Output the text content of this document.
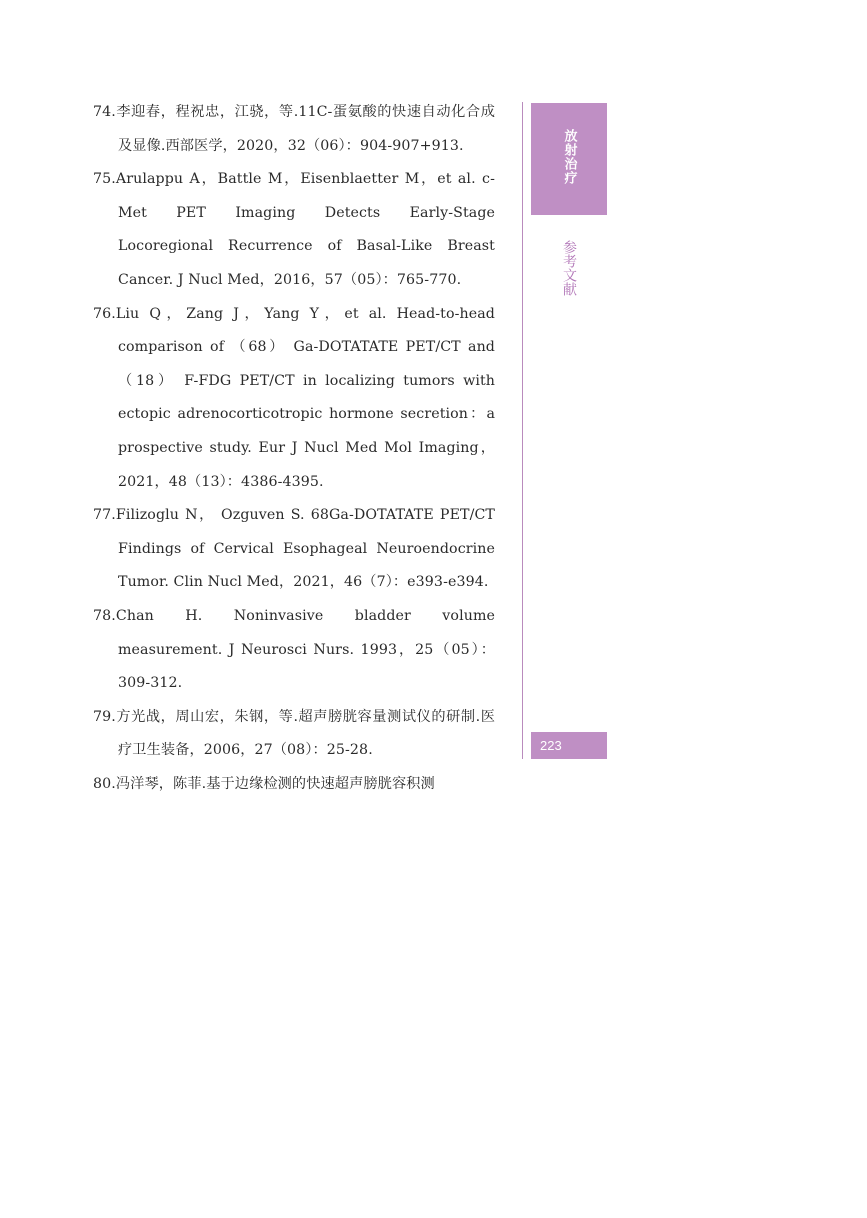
74.李迎春，程祝忠，江骁，等.11C-蛋氨酸的快速自动化合成及显像.西部医学，2020，32（06）：904-907+913.
75.Arulappu A，Battle M，Eisenblaetter M，et al. c-Met PET Imaging Detects Early-Stage Locoregional Recurrence of Basal-Like Breast Cancer. J Nucl Med，2016，57（05）：765-770.
76.Liu Q，Zang J，Yang Y，et al. Head-to-head comparison of （68） Ga-DOTATATE PET/CT and （18） F-FDG PET/CT in localizing tumors with ectopic adrenocorticotropic hormone secretion：a prospective study. Eur J Nucl Med Mol Imaging，2021，48（13）：4386-4395.
77.Filizoglu N， Ozguven S. 68Ga-DOTATATE PET/CT Findings of Cervical Esophageal Neuroendocrine Tumor. Clin Nucl Med，2021，46（7）：e393-e394.
78.Chan H. Noninvasive bladder volume measurement. J Neurosci Nurs. 1993，25（05）：309-312.
79.方光战，周山宏，朱钢，等.超声膀胱容量测试仪的研制.医疗卫生装备，2006，27（08）：25-28.
80.冯洋琴，陈菲.基于边缘检测的快速超声膀胱容积测
放射治疗
参考文献
223
